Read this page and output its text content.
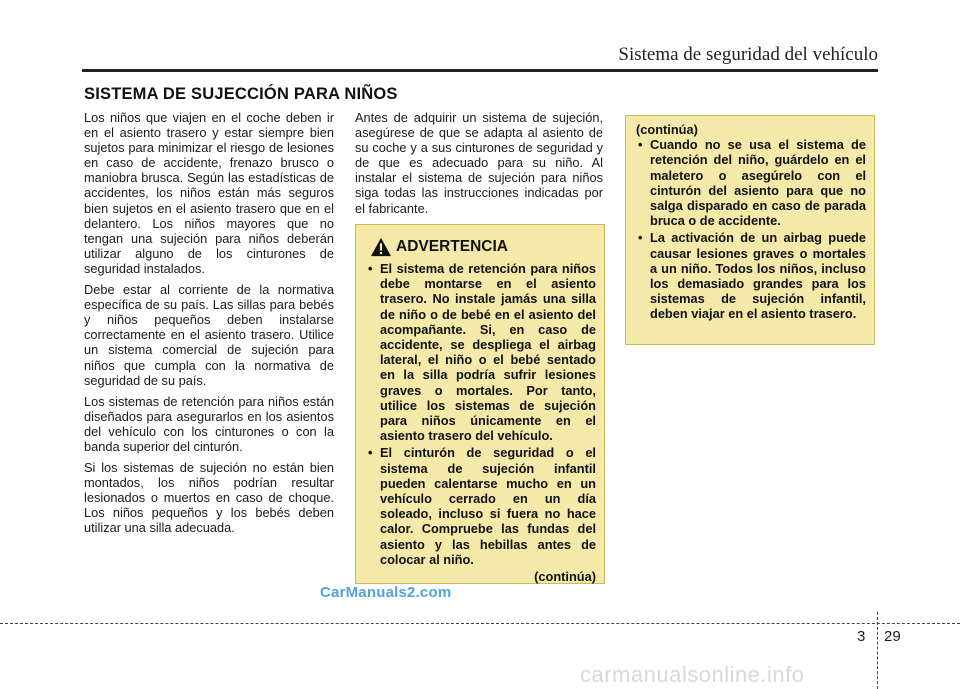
Sistema de seguridad del vehículo
SISTEMA DE SUJECCIÓN PARA NIÑOS

Los niños que viajen en el coche deben ir en el asiento trasero y estar siempre bien sujetos para minimizar el riesgo de lesiones en caso de accidente, frenazo brusco o maniobra brusca. Según las estadísticas de accidentes, los niños están más seguros bien sujetos en el asiento trasero que en el delantero. Los niños mayores que no tengan una sujeción para niños deberán utilizar alguno de los cinturones de seguridad instalados.

Debe estar al corriente de la normativa específica de su país. Las sillas para bebés y niños pequeños deben instalarse correctamente en el asiento trasero. Utilice un sistema comercial de sujeción para niños que cumpla con la normativa de seguridad de su país.

Los sistemas de retención para niños están diseñados para asegurarlos en los asientos del vehículo con los cinturones o con la banda superior del cinturón.

Si los sistemas de sujeción no están bien montados, los niños podrían resultar lesionados o muertos en caso de choque. Los niños pequeños y los bebés deben utilizar una silla adecuada.

Antes de adquirir un sistema de sujeción, asegúrese de que se adapta al asiento de su coche y a sus cinturones de seguridad y de que es adecuado para su niño. Al instalar el sistema de sujeción para niños siga todas las instrucciones indicadas por el fabricante.

ADVERTENCIA
• El sistema de retención para niños debe montarse en el asiento trasero. No instale jamás una silla de niño o de bebé en el asiento del acompañante. Si, en caso de accidente, se despliega el airbag lateral, el niño o el bebé sentado en la silla podría sufrir lesiones graves o mortales. Por tanto, utilice los sistemas de sujeción para niños únicamente en el asiento trasero del vehículo.
• El cinturón de seguridad o el sistema de sujeción infantil pueden calentarse mucho en un vehículo cerrado en un día soleado, incluso si fuera no hace calor. Compruebe las fundas del asiento y las hebillas antes de colocar al niño.
(continúa)

(continúa)

• Cuando no se usa el sistema de retención del niño, guárdelo en el maletero o asegúrelo con el cinturón del asiento para que no salga disparado en caso de parada bruca o de accidente.
• La activación de un airbag puede causar lesiones graves o mortales a un niño. Todos los niños, incluso los demasiado grandes para los sistemas de sujeción infantil, deben viajar en el asiento trasero.
CarManuals2.com
3 29
carmanualsonline.info
